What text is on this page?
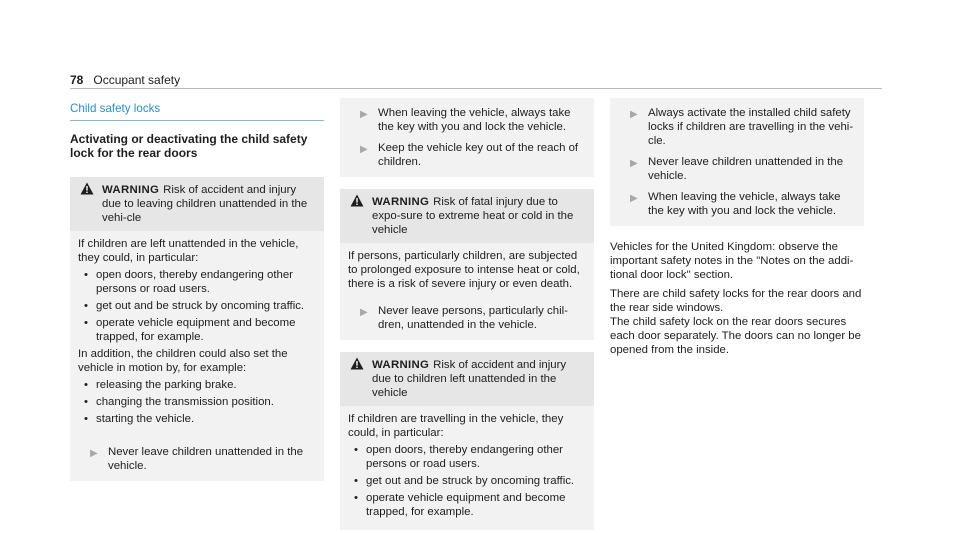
78 Occupant safety
Child safety locks
Activating or deactivating the child safety lock for the rear doors
WARNING Risk of accident and injury due to leaving children unattended in the vehi-cle

If children are left unattended in the vehicle, they could, in particular:

• open doors, thereby endangering other persons or road users.
• get out and be struck by oncoming traffic.
• operate vehicle equipment and become trapped, for example.

In addition, the children could also set the vehicle in motion by, for example:

• releasing the parking brake.
• changing the transmission position.
• starting the vehicle.
▶ Never leave children unattended in the vehicle.
▶ When leaving the vehicle, always take the key with you and lock the vehicle.
▶ Keep the vehicle key out of the reach of children.
WARNING Risk of fatal injury due to expo-sure to extreme heat or cold in the vehicle

If persons, particularly children, are subjected to prolonged exposure to intense heat or cold, there is a risk of severe injury or even death.

▶ Never leave persons, particularly chil-dren, unattended in the vehicle.
WARNING Risk of accident and injury due to children left unattended in the vehicle

If children are travelling in the vehicle, they could, in particular:

• open doors, thereby endangering other persons or road users.
• get out and be struck by oncoming traffic.
• operate vehicle equipment and become trapped, for example.
▶ Always activate the installed child safety locks if children are travelling in the vehi-cle.
▶ Never leave children unattended in the vehicle.
▶ When leaving the vehicle, always take the key with you and lock the vehicle.

Vehicles for the United Kingdom: observe the important safety notes in the "Notes on the addi-tional door lock" section.

There are child safety locks for the rear doors and the rear side windows.

The child safety lock on the rear doors secures each door separately. The doors can no longer be opened from the inside.
